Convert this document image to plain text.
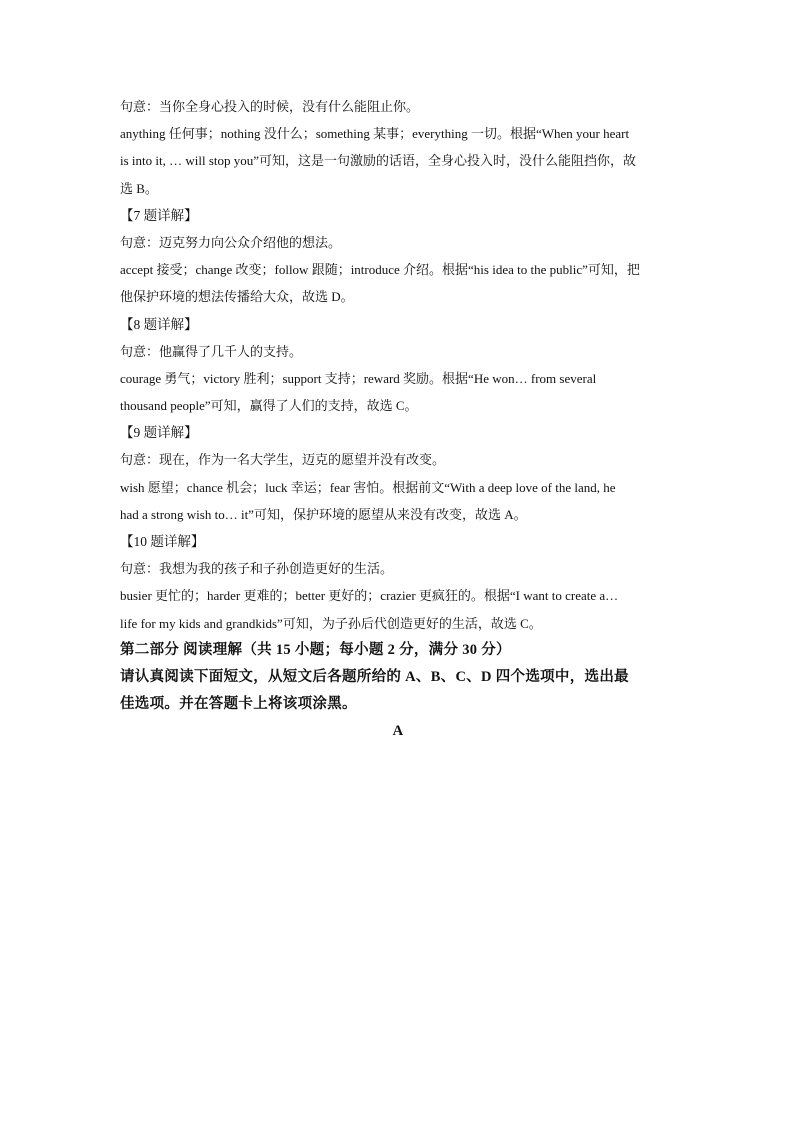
句意：当你全身心投入的时候，没有什么能阻止你。
anything 任何事；nothing 没什么；something 某事；everything 一切。根据“When your heart
is into it, … will stop you”可知，这是一句激励的话语，全身心投入时，没什么能阻挡你，故
选 B。
【7 题详解】
句意：迈克努力向公众介绍他的想法。
accept 接受；change 改变；follow 跟随；introduce 介绍。根据“his idea to the public”可知，把
他保护环境的想法传播给大众，故选 D。
【8 题详解】
句意：他赢得了几千人的支持。
courage 勇气；victory 胜利；support 支持；reward 奖励。根据“He won… from several
thousand people”可知，赢得了人们的支持，故选 C。
【9 题详解】
句意：现在，作为一名大学生，迈克的愿望并没有改变。
wish 愿望；chance 机会；luck 幸运；fear 害怕。根据前文“With a deep love of the land, he
had a strong wish to… it”可知，保护环境的愿望从来没有改变，故选 A。
【10 题详解】
句意：我想为我的孩子和子孙创造更好的生活。
busier 更忙的；harder 更难的；better 更好的；crazier 更疯狂的。根据“I want to create a…
life for my kids and grandkids”可知，为子孙后代创造更好的生活，故选 C。
第二部分 阅读理解（共 15 小题；每小题 2 分，满分 30 分）
请认真阅读下面短文，从短文后各题所给的 A、B、C、D 四个选项中，选出最
佳选项。并在答题卡上将该项涂黑。
A
